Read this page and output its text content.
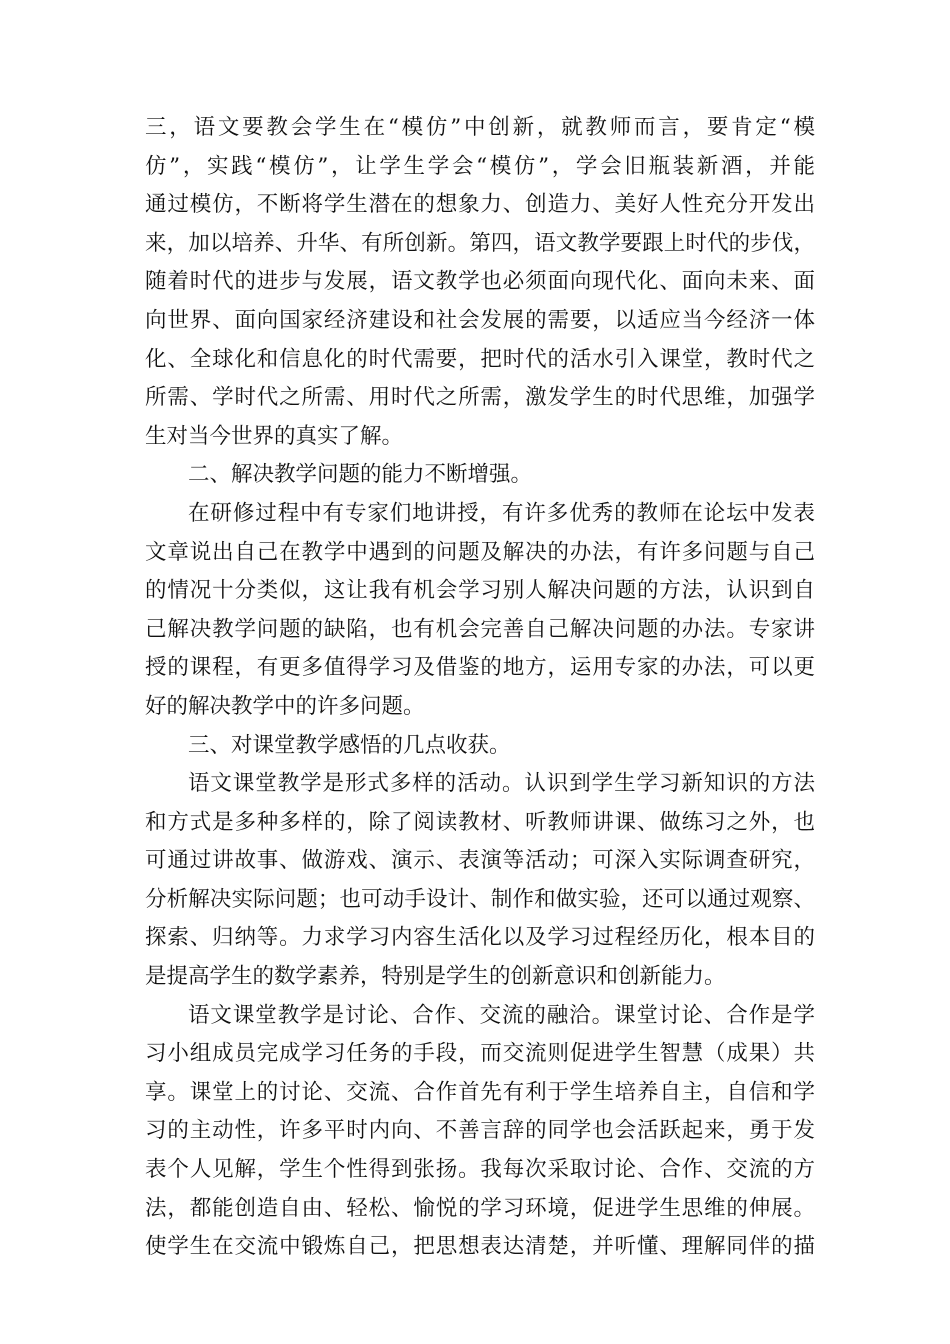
三，语文要教会学生在“模仿”中创新，就教师而言，要肯定“模
仿”，实践“模仿”，让学生学会“模仿”，学会旧瓶装新酒，并能
通过模仿，不断将学生潜在的想象力、创造力、美好人性充分开发出
来，加以培养、升华、有所创新。第四，语文教学要跟上时代的步伐，
随着时代的进步与发展，语文教学也必须面向现代化、面向未来、面
向世界、面向国家经济建设和社会发展的需要，以适应当今经济一体
化、全球化和信息化的时代需要，把时代的活水引入课堂，教时代之
所需、学时代之所需、用时代之所需，激发学生的时代思维，加强学
生对当今世界的真实了解。
二、解决教学问题的能力不断增强。
在研修过程中有专家们地讲授，有许多优秀的教师在论坛中发表
文章说出自己在教学中遇到的问题及解决的办法，有许多问题与自己
的情况十分类似，这让我有机会学习别人解决问题的方法，认识到自
己解决教学问题的缺陷，也有机会完善自己解决问题的办法。专家讲
授的课程，有更多值得学习及借鉴的地方，运用专家的办法，可以更
好的解决教学中的许多问题。
三、对课堂教学感悟的几点收获。
语文课堂教学是形式多样的活动。认识到学生学习新知识的方法
和方式是多种多样的，除了阅读教材、听教师讲课、做练习之外，也
可通过讲故事、做游戏、演示、表演等活动；可深入实际调查研究，
分析解决实际问题；也可动手设计、制作和做实验，还可以通过观察、
探索、归纳等。力求学习内容生活化以及学习过程经历化，根本目的
是提高学生的数学素养，特别是学生的创新意识和创新能力。
语文课堂教学是讨论、合作、交流的融洽。课堂讨论、合作是学
习小组成员完成学习任务的手段，而交流则促进学生智慧（成果）共
享。课堂上的讨论、交流、合作首先有利于学生培养自主，自信和学
习的主动性，许多平时内向、不善言辞的同学也会活跃起来，勇于发
表个人见解，学生个性得到张扬。我每次采取讨论、合作、交流的方
法，都能创造自由、轻松、愉悦的学习环境，促进学生思维的伸展。
使学生在交流中锻炼自己，把思想表达清楚，并听懂、理解同伴的描
